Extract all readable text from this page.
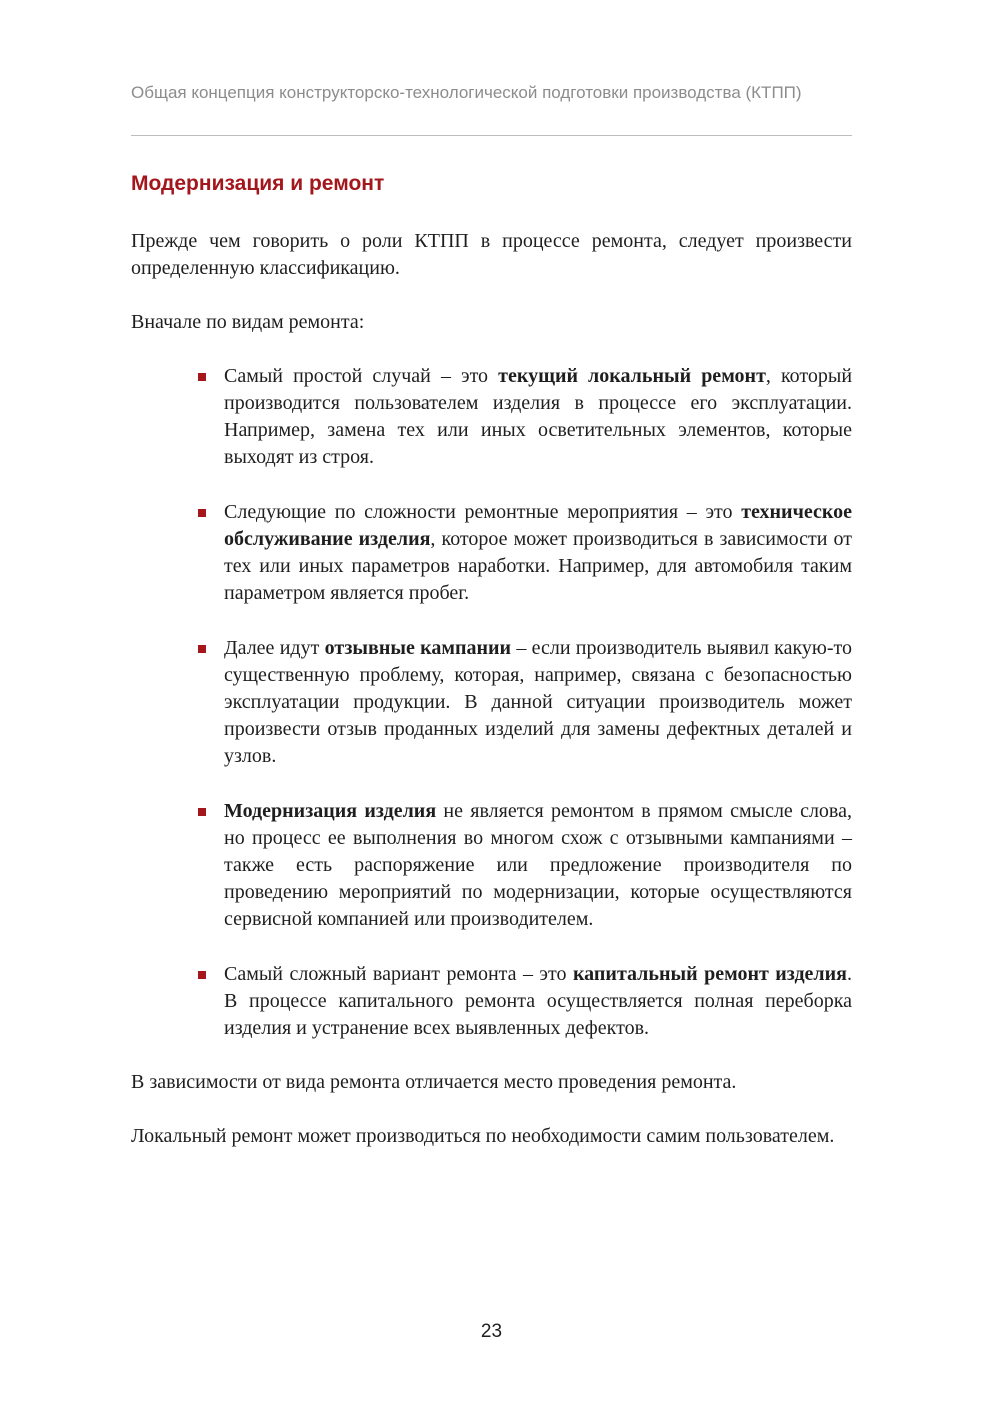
Общая концепция конструкторско-технологической подготовки производства (КТПП)
Модернизация и ремонт

Прежде чем говорить о роли КТПП в процессе ремонта, следует произвести определенную классификацию.

Вначале по видам ремонта:

Самый простой случай – это текущий локальный ремонт, который производится пользователем изделия в процессе его эксплуатации. Например, замена тех или иных осветительных элементов, которые выходят из строя.
Следующие по сложности ремонтные мероприятия – это техническое обслуживание изделия, которое может производиться в зависимости от тех или иных параметров наработки. Например, для автомобиля таким параметром является пробег.
Далее идут отзывные кампании – если производитель выявил какую-то существенную проблему, которая, например, связана с безопасностью эксплуатации продукции. В данной ситуации производитель может произвести отзыв проданных изделий для замены дефектных деталей и узлов.
Модернизация изделия не является ремонтом в прямом смысле слова, но процесс ее выполнения во многом схож с отзывными кампаниями – также есть распоряжение или предложение производителя по проведению мероприятий по модернизации, которые осуществляются сервисной компанией или производителем.
Самый сложный вариант ремонта – это капитальный ремонт изделия. В процессе капитального ремонта осуществляется полная переборка изделия и устранение всех выявленных дефектов.

В зависимости от вида ремонта отличается место проведения ремонта.

Локальный ремонт может производиться по необходимости самим пользователем.

23
